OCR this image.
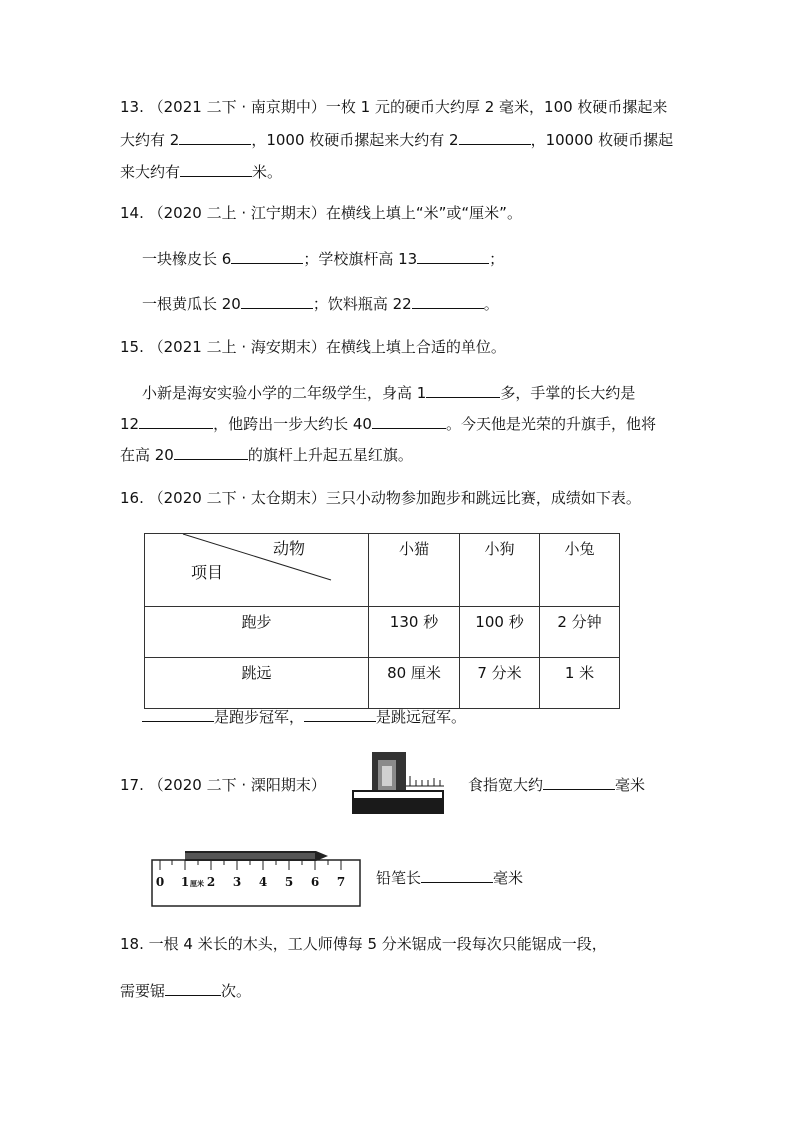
13. （2021 二下 · 南京期中）一枚 1 元的硬币大约厚 2 毫米，100 枚硬币摞起来
大约有 2	，1000 枚硬币摞起来大约有 2	，10000 枚硬币摞起
来大约有	米。
14. （2020 二上 · 江宁期末）在横线上填上“米”或“厘米”。
一块橡皮长 6	；学校旗杆高 13	；
一根黄瓜长 20	；饮料瓶高 22	。
15. （2021 二上 · 海安期末）在横线上填上合适的单位。
小新是海安实验小学的二年级学生，身高 1	多，手掌的长大约是
12	，他跨出一步大约长 40	。今天他是光荣的升旗手，他将
在高 20	的旗杆上升起五星红旗。
16. （2020 二下 · 太仓期末）三只小动物参加跑步和跳远比赛，成绩如下表。
动物
项目	小猫	小狗	小兔
跑步	130 秒	100 秒	2 分钟
跳远	80 厘米	7 分米	1 米
是跑步冠军，	是跳远冠军。
17. （2020 二下 · 溧阳期末）	食指宽大约	毫米
0 1 2 3 4 5 6 7
厘米	铅笔长	毫米
18. 一根 4 米长的木头，工人师傅每 5 分米锯成一段每次只能锯成一段，
需要锯	次。
